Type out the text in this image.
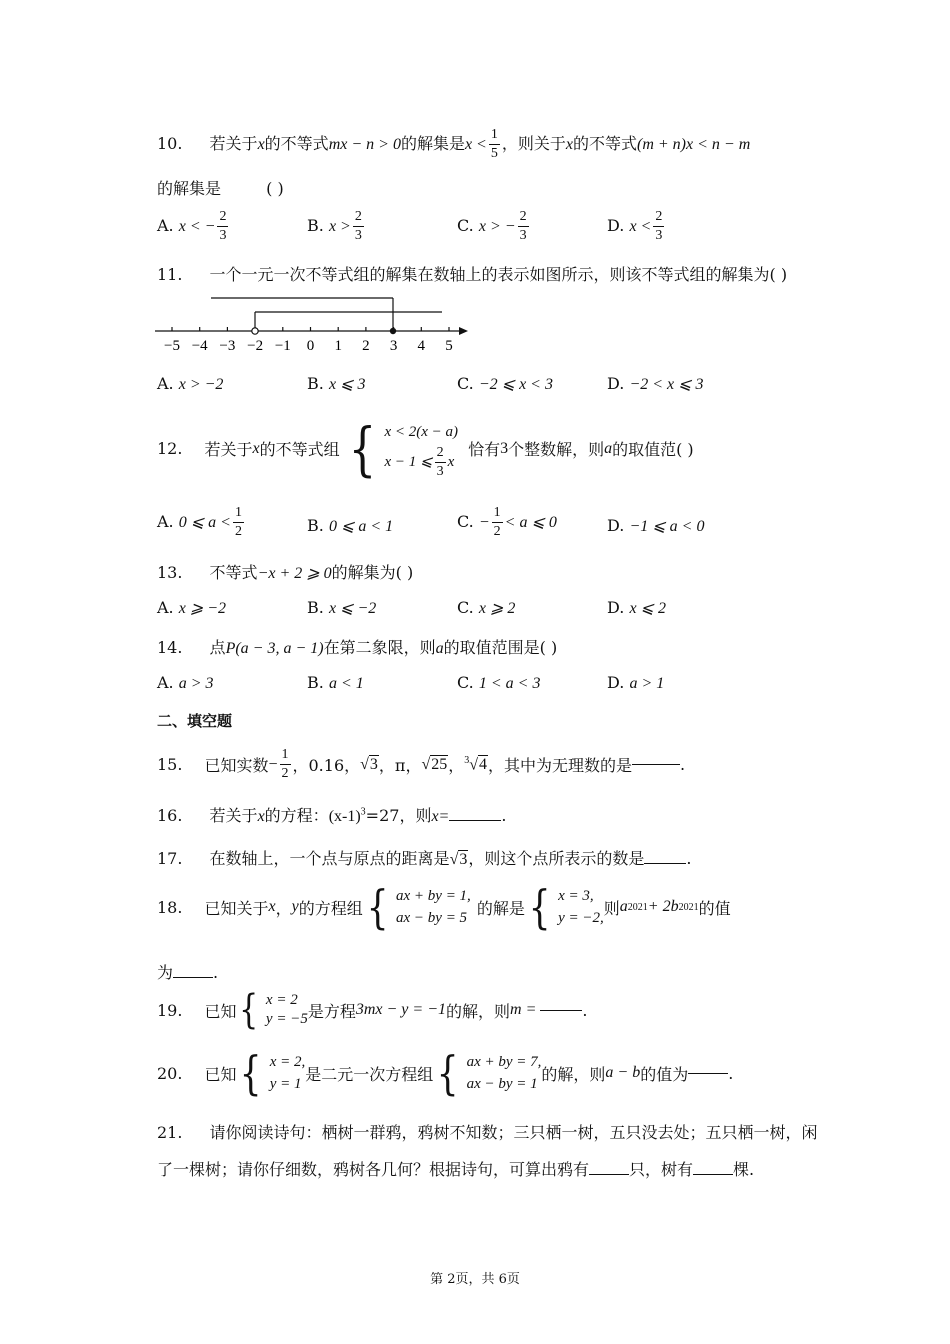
10. 若关于x的不等式mx − n > 0的解集是$x < \frac{1}{5}$ ，则关于x的不等式(m + n)x < n − m
的解集是	( )
A. x < − $\frac{2}{3}$	B. $x > \frac{2}{3}$	C. x > − $\frac{2}{3}$	D. $x < \frac{2}{3}$
11. 一个一元一次不等式组的解集在数轴上的表示如图所示，则该不等式组的解集为( )
−5 −4 −3 −2 −1 0 1 2 3 4 5
A. x > −2	B. x ⩽ 3	C. −2 ⩽ x < 3	D. −2 < x ⩽ 3
12. 若关于 x 的不等式组 { x < 2(x − a)
x − 1 ⩽ $\frac{2}{3}$ x
恰有 3 个整数解，则 a 的取值范( )
A. 0 ⩽ $a < \frac{1}{2}$	B. 0 ⩽ a < 1	C. − $\frac{1}{2} < a$ ⩽ 0	D. −1 ⩽ a < 0
13. 不等式−x + 2 ⩾ 0的解集为( )
A. x ⩾ −2	B. x ⩽ −2	C. x ⩾ 2	D. x ⩽ 2
14. 点P(a − 3, a − 1)在第二象限，则a的取值范围是( )
A. a > 3	B. a < 1	C. 1 < a < 3	D. a > 1
二、填空题
15. 已知实数 − $\frac{1}{2}$ ，0.16， √3 ，π， √25 ， $^3$√4 ，其中为无理数的是	.
16. 若关于x的方程：$(x-1)^3=27$，则x=	.
17. 在数轴上，一个点与原点的距离是√3，则这个点所表示的数是	.
18. 已知关于 x ， y 的方程组 { ax + by = 1,
ax − by = 5
的解是 { x = 3,
y = −2,
则 a 2021 + 2b 2021 的值
为	.
19. 已知 { x = 2
y = −5 是方程 3mx − y = −1 的解，则 m =	.
20. 已知 { x = 2,
y = 1
是二元一次方程组 { ax + by = 7,
ax − by = 1
的解，则 a − b 的值为	.
21. 请你阅读诗句：栖树一群鸦，鸦树不知数；三只栖一树，五只没去处；五只栖一树，闲
了一棵树；请你仔细数，鸦树各几何？根据诗句，可算出鸦有	只，树有	棵.
第 2页，共 6页
